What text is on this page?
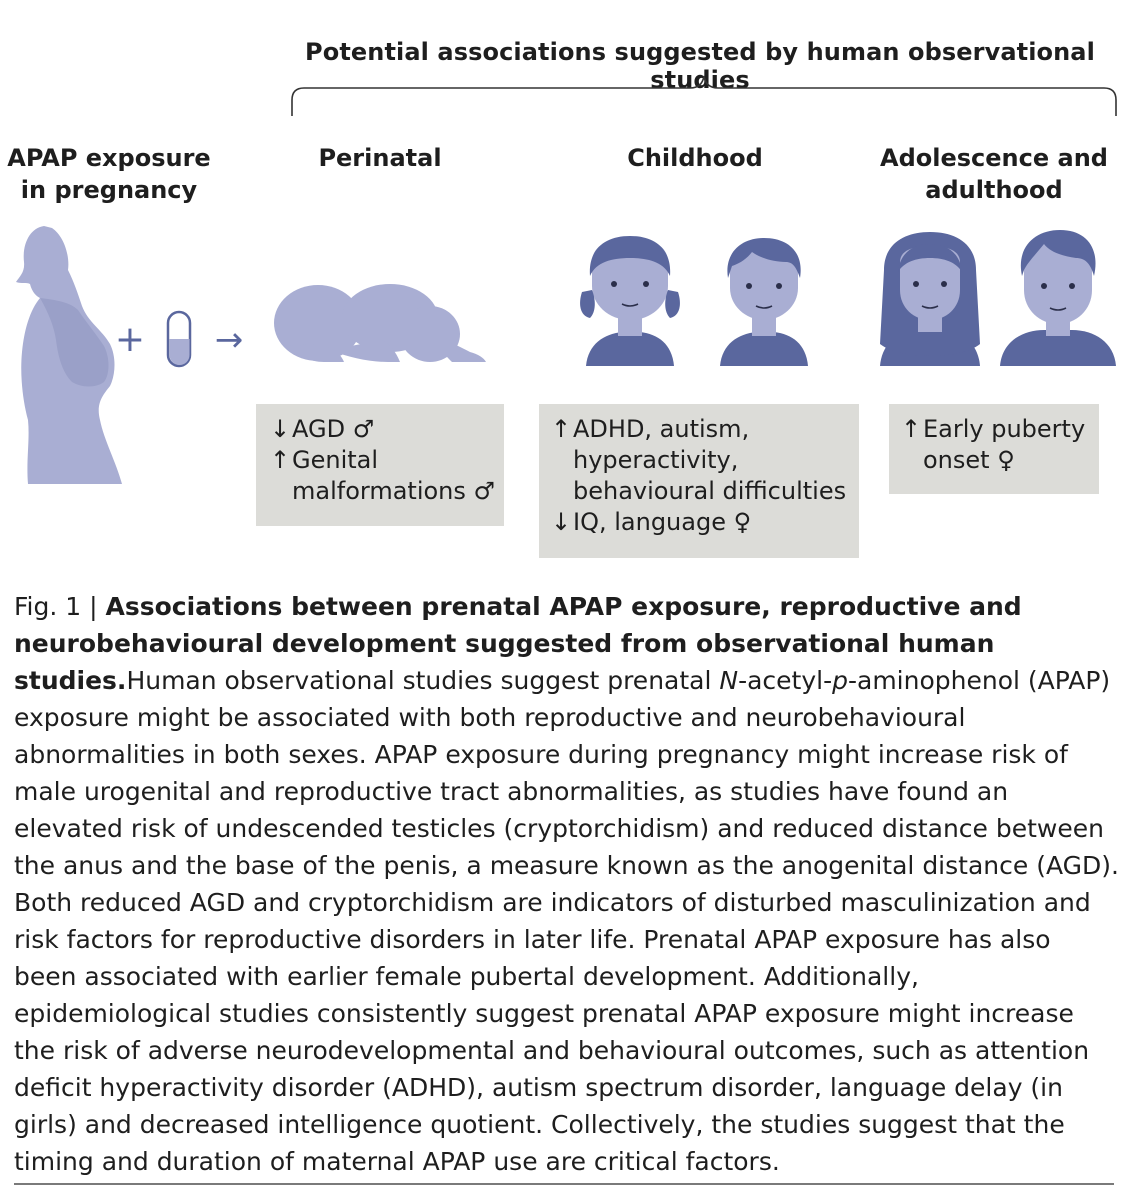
Potential associations suggested by human observational studies
+ →
APAP exposure
in pregnancy
Perinatal	Childhood	Adolescence and
adulthood
↓ AGD ♂
↑ Genital
malformations ♂
↑ ADHD, autism,
hyperactivity,
behavioural difficulties
↓ IQ, language ♀
↑ Early puberty
onset ♀

Fig. 1 | Associations between prenatal APAP exposure, reproductive and neurobehavioural development suggested from observational human studies.Human observational studies suggest prenatal N-acetyl-p-aminophenol (APAP) exposure might be associated with both reproductive and neurobehavioural abnormalities in both sexes. APAP exposure during pregnancy might increase risk of male urogenital and reproductive tract abnormalities, as studies have found an elevated risk of undescended testicles (cryptorchidism) and reduced distance between the anus and the base of the penis, a measure known as the anogenital distance (AGD). Both reduced AGD and cryptorchidism are indicators of disturbed masculinization and risk factors for reproductive disorders in later life. Prenatal APAP exposure has also been associated with earlier female pubertal development. Additionally, epidemiological studies consistently suggest prenatal APAP exposure might increase the risk of adverse neurodevelopmental and behavioural outcomes, such as attention deficit hyperactivity disorder (ADHD), autism spectrum disorder, language delay (in girls) and decreased intelligence quotient. Collectively, the studies suggest that the timing and duration of maternal APAP use are critical factors.
